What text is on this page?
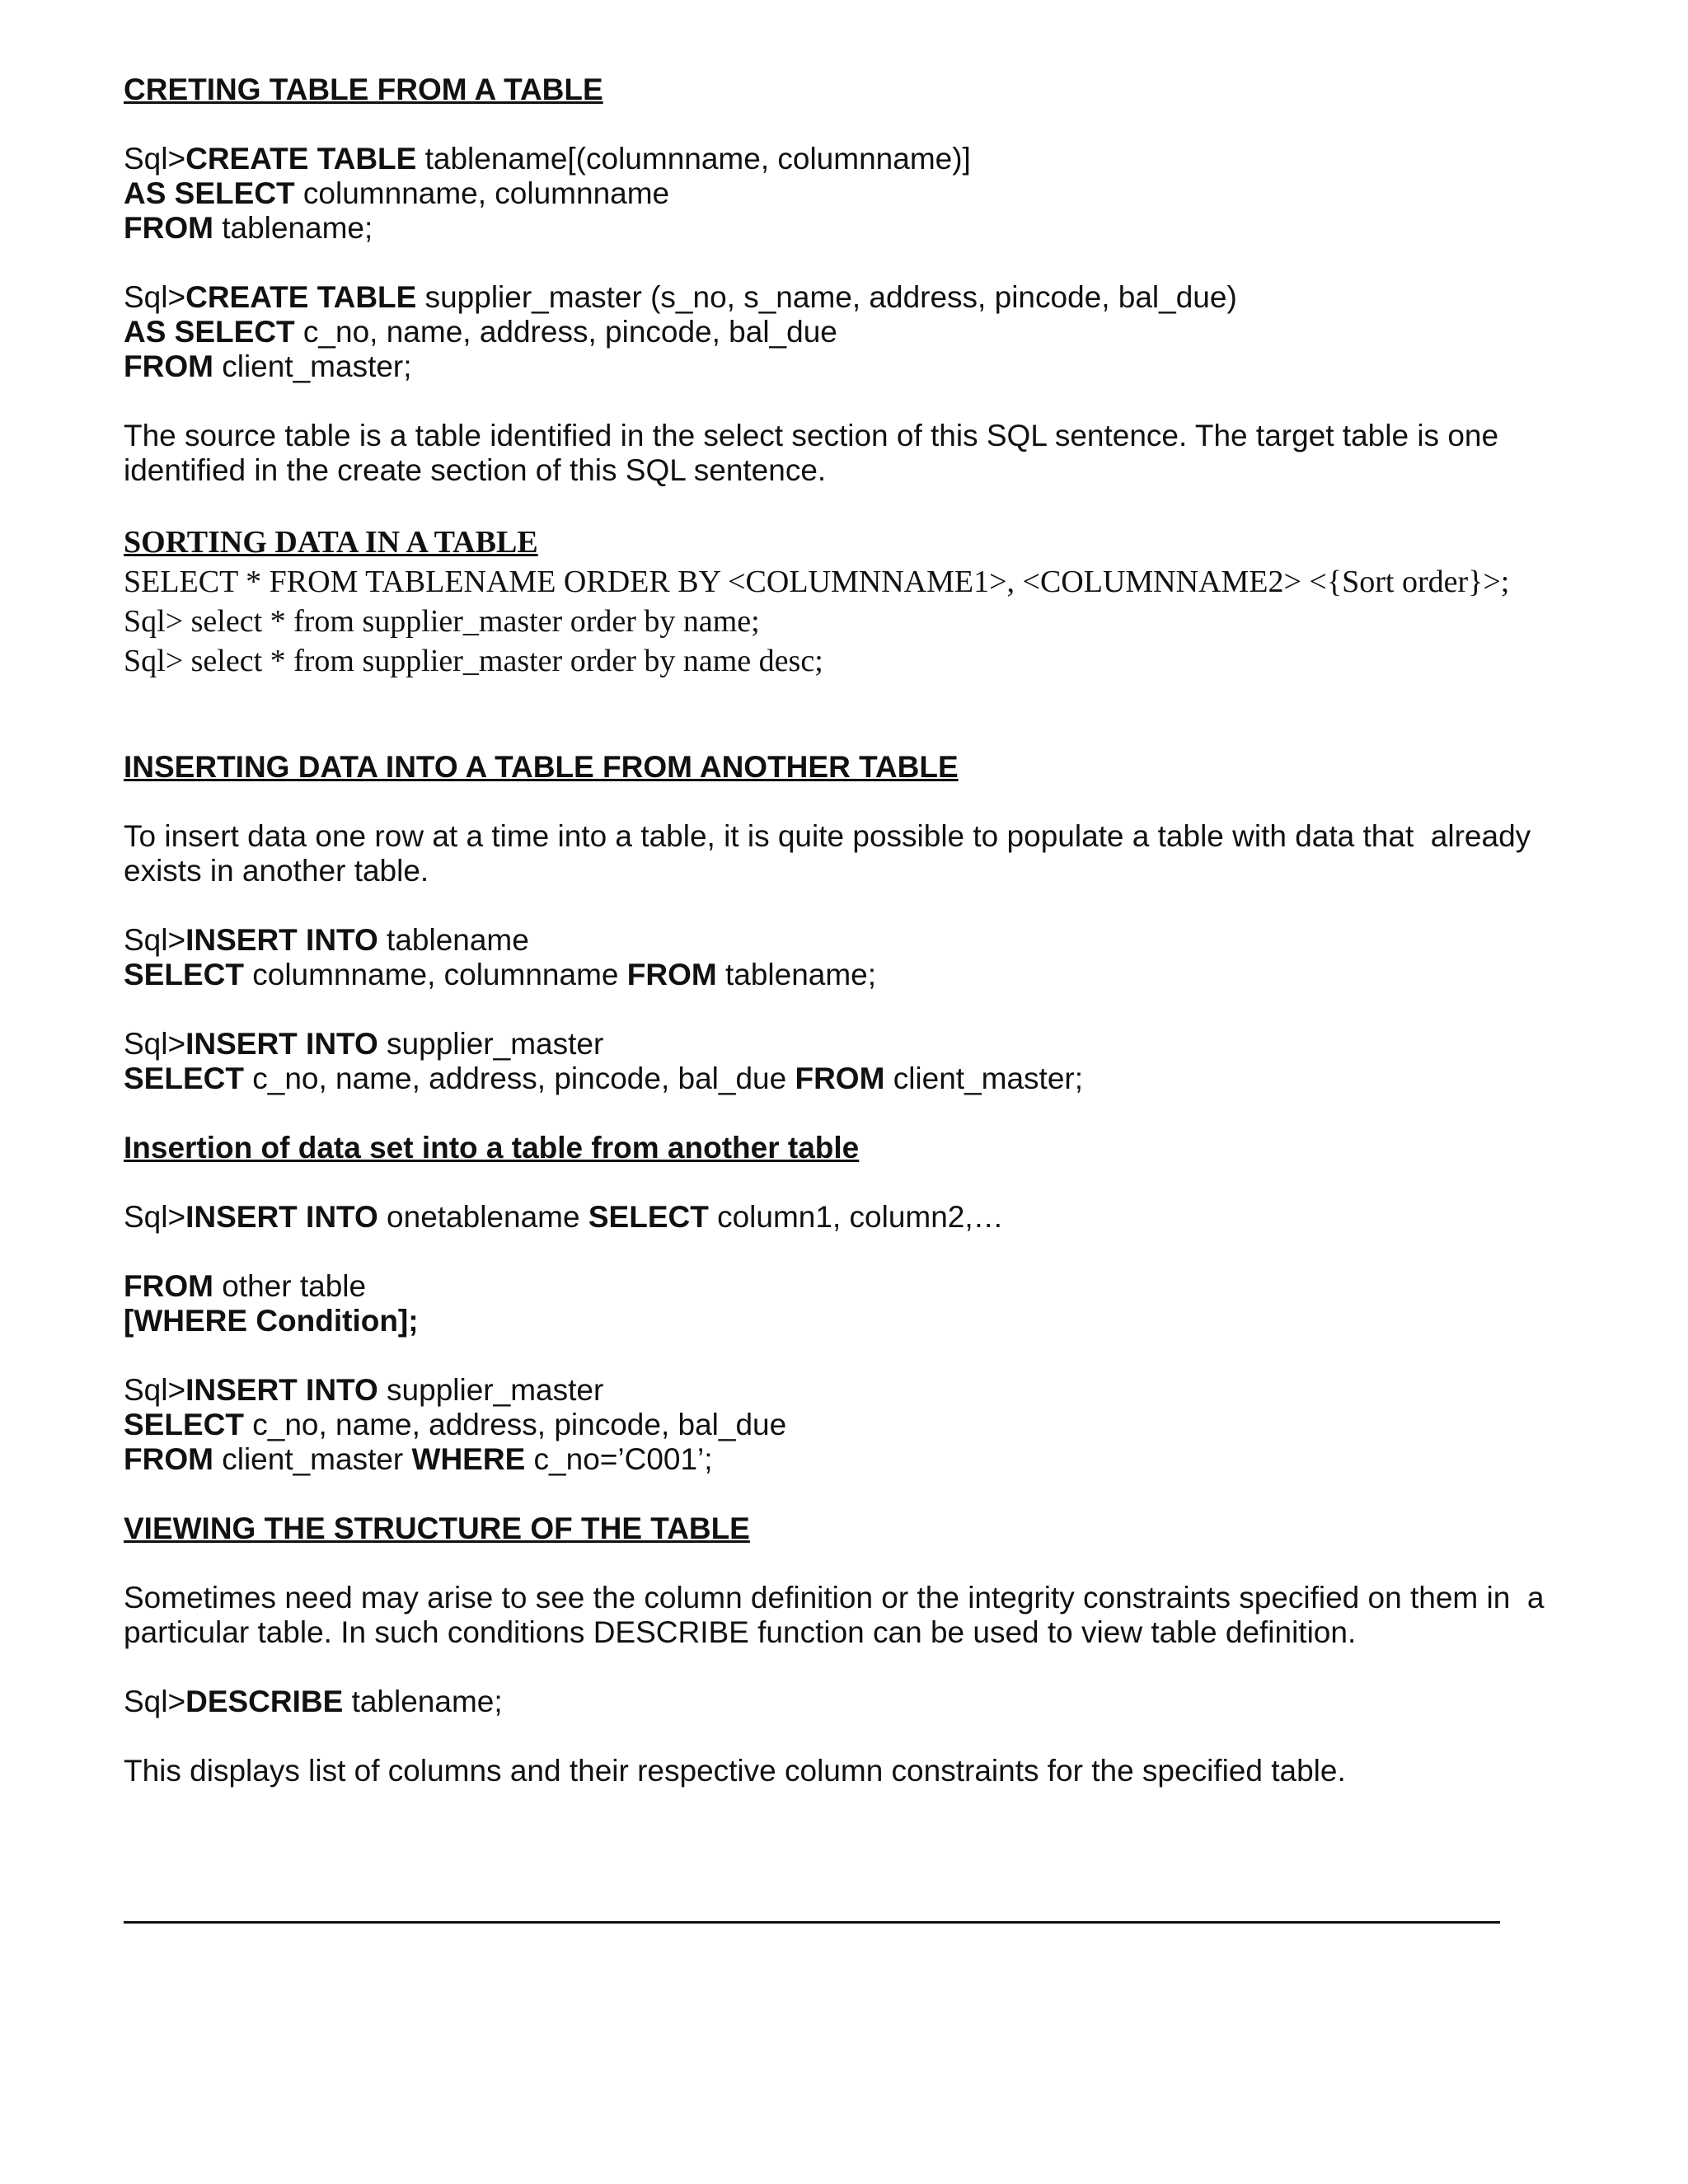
CRETING TABLE FROM A TABLE

Sql>CREATE TABLE tablename[(columnname, columnname)]

AS SELECT columnname, columnname

FROM tablename;

Sql>CREATE TABLE supplier_master (s_no, s_name, address, pincode, bal_due)

AS SELECT c_no, name, address, pincode, bal_due

FROM client_master;

The source table is a table identified in the select section of this SQL sentence. The target table is one

identified in the create section of this SQL sentence.

SORTING DATA IN A TABLE

SELECT * FROM TABLENAME ORDER BY <COLUMNNAME1>, <COLUMNNAME2> <{Sort order}>;

Sql> select * from supplier_master order by name;

Sql> select * from supplier_master order by name desc;

INSERTING DATA INTO A TABLE FROM ANOTHER TABLE

To insert data one row at a time into a table, it is quite possible to populate a table with data that  already

exists in another table.

Sql>INSERT INTO tablename

SELECT columnname, columnname FROM tablename;

Sql>INSERT INTO supplier_master

SELECT c_no, name, address, pincode, bal_due FROM client_master;

Insertion of data set into a table from another table

Sql>INSERT INTO onetablename SELECT column1, column2,…

FROM other table

[WHERE Condition];

Sql>INSERT INTO supplier_master

SELECT c_no, name, address, pincode, bal_due

FROM client_master WHERE c_no=’C001’;

VIEWING THE STRUCTURE OF THE TABLE

Sometimes need may arise to see the column definition or the integrity constraints specified on them in  a

particular table. In such conditions DESCRIBE function can be used to view table definition.

Sql>DESCRIBE tablename;

This displays list of columns and their respective column constraints for the specified table.
